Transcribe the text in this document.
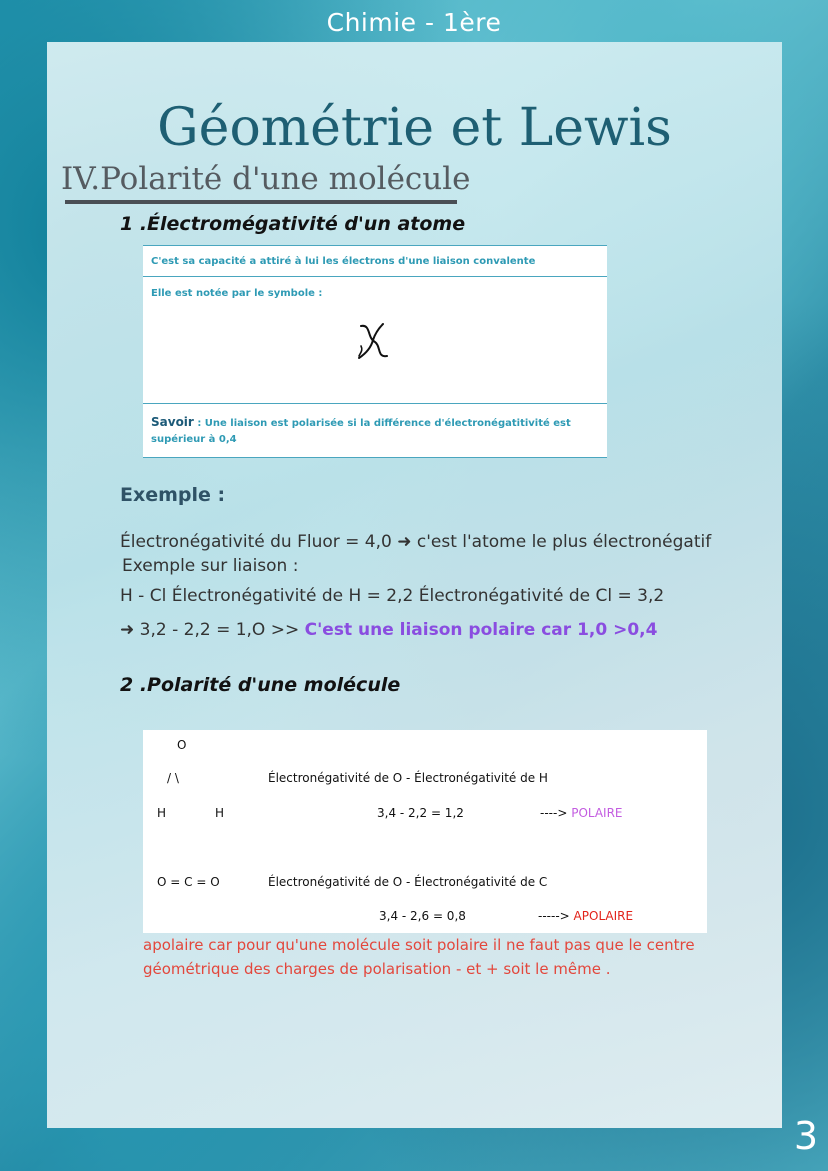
Chimie - 1ère
Géométrie et Lewis
IV.Polarité d'une molécule
1 .Électromégativité d'un atome
C'est sa capacité a attiré à lui les électrons d'une liaison convalente
Elle est notée par le symbole :
Savoir : Une liaison est polarisée si la différence d'électronégatitivité est supérieur à 0,4
Exemple :
Électronégativité du Fluor = 4,0 ➜ c'est l'atome le plus électronégatif
Exemple sur liaison :
H - Cl Électronégativité de H = 2,2 Électronégativité de Cl = 3,2
➜ 3,2 - 2,2 = 1,O >> C'est une liaison polaire car 1,0 >0,4
2 .Polarité d'une molécule
O
/ \	Électronégativité de O - Électronégativité de H
H	H	3,4 - 2,2 = 1,2	----> POLAIRE
O = C = O	Électronégativité de O - Électronégativité de C
3,4 - 2,6 = 0,8	-----> APOLAIRE
apolaire car pour qu'une molécule soit polaire il ne faut pas que le centre géométrique des charges de polarisation - et + soit le même .
3
